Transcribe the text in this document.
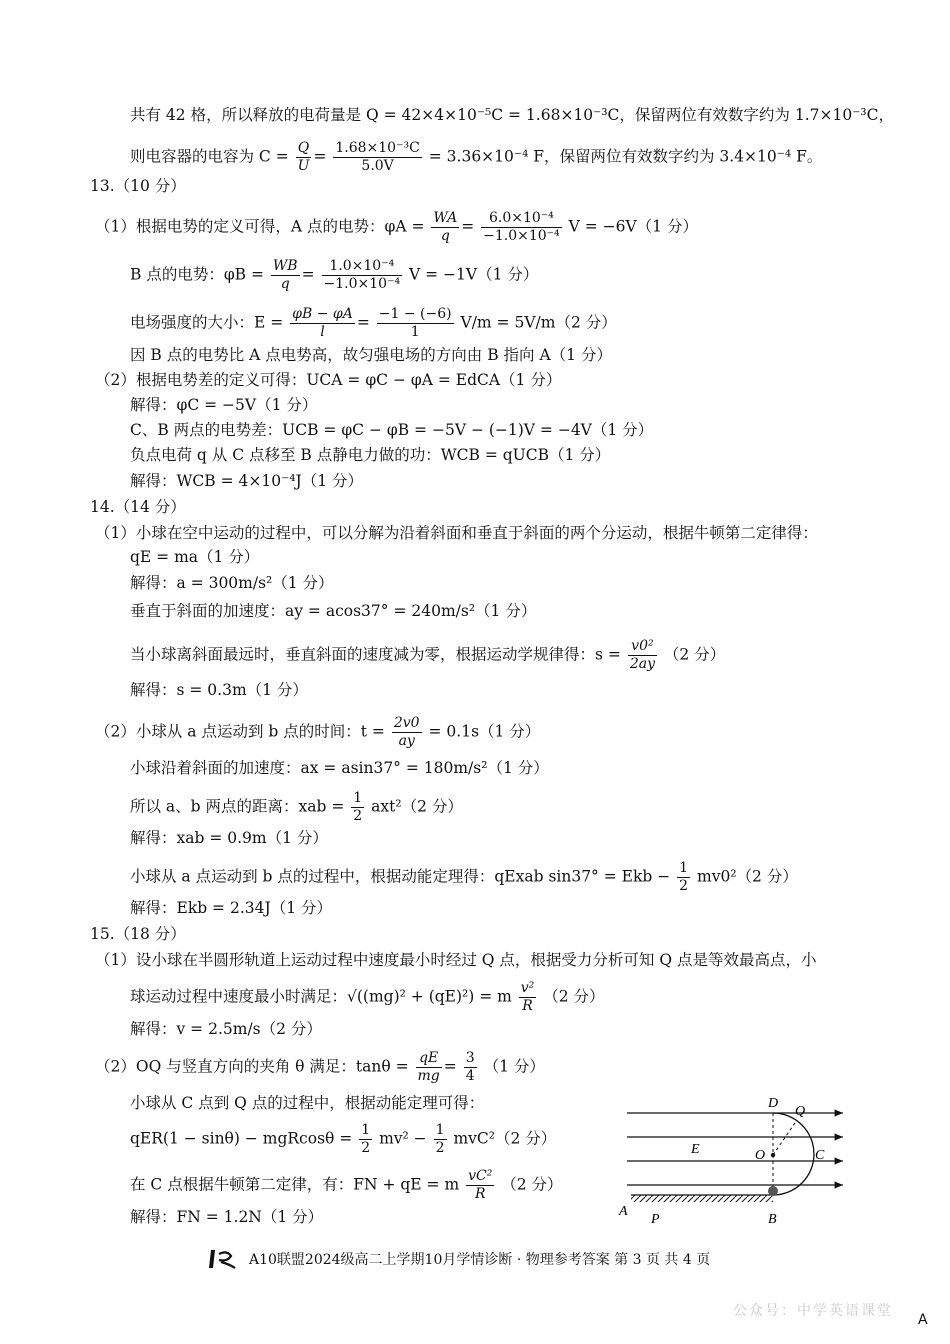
共有 42 格，所以释放的电荷量是 Q = 42×4×10⁻⁵C = 1.68×10⁻³C，保留两位有效数字约为 1.7×10⁻³C，
则电容器的电容为 $C = \frac{Q}{U} = \frac{\text{1.68×10⁻³C}}{5.0V} = 3.36\times 10^{-4}$ F，保留两位有效数字约为 3.4×10⁻⁴ F。
13.（10 分）
（1）根据电势的定义可得，A 点的电势：$\varphi A = \frac{WA}{q} = \frac{\text{6.0×10⁻⁴}}{\text{−1.0×10⁻⁴}}$ V = −6V（1 分）
B 点的电势：$\varphi B = \frac{WB}{q} = \frac{\text{1.0×10⁻⁴}}{\text{−1.0×10⁻⁴}}$ V = −1V（1 分）
电场强度的大小：$E = \frac{\varphi B - \varphi A}{l} = \frac{-1 - (-6)}{1} V/m = 5V/m(2$ 分）
因 B 点的电势比 A 点电势高，故匀强电场的方向由 B 指向 A（1 分）
（2）根据电势差的定义可得：UCA = φC − φA = EdCA（1 分）
解得：φC = −5V（1 分）
C、B 两点的电势差：UCB = φC − φB = −5V − (−1)V = −4V（1 分）
负点电荷 q 从 C 点移至 B 点静电力做的功：WCB = qUCB（1 分）
解得：WCB = 4×10⁻⁴J（1 分）
14.（14 分）
（1）小球在空中运动的过程中，可以分解为沿着斜面和垂直于斜面的两个分运动，根据牛顿第二定律得：
qE = ma（1 分）
解得：a = 300m/s²（1 分）
垂直于斜面的加速度：ay = acos37° = 240m/s²（1 分）
当小球离斜面最远时，垂直斜面的速度减为零，根据运动学规律得：$s = \frac{\text{v0²}}{2ay} (2$ 分）
解得：s = 0.3m（1 分）
（2）小球从 a 点运动到 b 点的时间：$t = \frac{2v0}{ay} = 0.1s(1$ 分）
小球沿着斜面的加速度：ax = asin37° = 180m/s²（1 分）
所以 a、b 两点的距离：xab = $\frac{1}{2} axt^2(2$ 分）
解得：xab = 0.9m（1 分）
小球从 a 点运动到 b 点的过程中，根据动能定理得：qExab sin37° = Ekb − $\frac{1}{2} mv0^2(2$ 分）
解得：Ekb = 2.34J（1 分）
15.（18 分）
（1）设小球在半圆形轨道上运动过程中速度最小时经过 Q 点，根据受力分析可知 Q 点是等效最高点，小
球运动过程中速度最小时满足：√((mg)² + (qE)²) = m $\frac{\text{v²}}{R} (2$ 分）
解得：v = 2.5m/s（2 分）
（2）OQ 与竖直方向的夹角 θ 满足：$\tan\theta = \frac{qE}{mg} = \frac{3}{4} (1$ 分）
小球从 C 点到 Q 点的过程中，根据动能定理可得：
$qER(1 - \sin\theta) - mgRcos\theta = \frac{1}{2} mv^2 - \frac{1}{2} mvC^2(2$ 分）
在 C 点根据牛顿第二定律，有：FN + qE = m $\frac{\text{vC²}}{R} (2$ 分）
解得：FN = 1.2N（1 分）
D
Q
E	O	C
A
P	B
A10联盟2024级高二上学期10月学情诊断 · 物理参考答案 第 3 页 共 4 页
公众号：中学英语课堂
A
